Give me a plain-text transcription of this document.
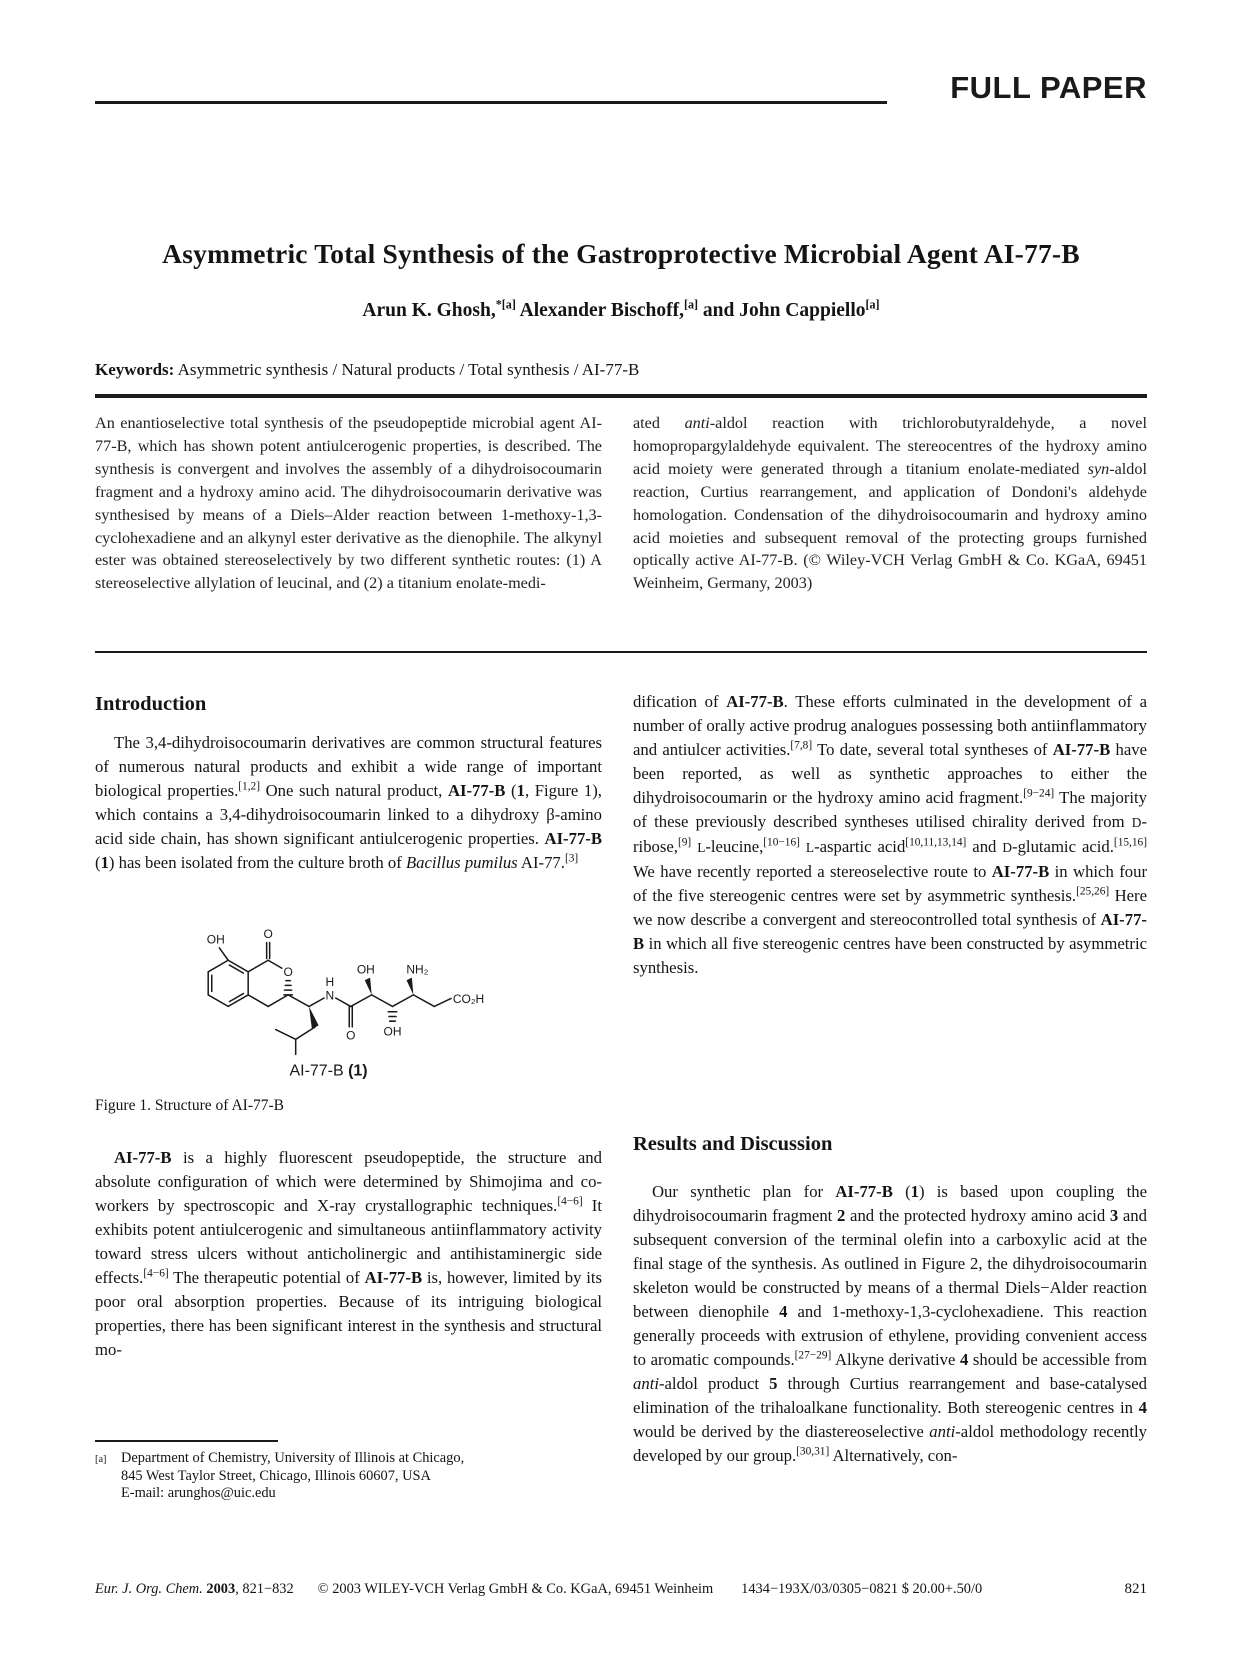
FULL PAPER
Asymmetric Total Synthesis of the Gastroprotective Microbial Agent AI-77-B
Arun K. Ghosh,$^{*[a]}$ Alexander Bischoff,[a] and John Cappiello[a]
Keywords: Asymmetric synthesis / Natural products / Total synthesis / AI-77-B
An enantioselective total synthesis of the pseudopeptide microbial agent AI-77-B, which has shown potent antiulcerogenic properties, is described. The synthesis is convergent and involves the assembly of a dihydroisocoumarin fragment and a hydroxy amino acid. The dihydroisocoumarin derivative was synthesised by means of a Diels–Alder reaction between 1-methoxy-1,3-cyclohexadiene and an alkynyl ester derivative as the dienophile. The alkynyl ester was obtained stereoselectively by two different synthetic routes: (1) A stereoselective allylation of leucinal, and (2) a titanium enolate-medi-
ated anti-aldol reaction with trichlorobutyraldehyde, a novel homopropargylaldehyde equivalent. The stereocentres of the hydroxy amino acid moiety were generated through a titanium enolate-mediated syn-aldol reaction, Curtius rearrangement, and application of Dondoni's aldehyde homologation. Condensation of the dihydroisocoumarin and hydroxy amino acid moieties and subsequent removal of the protecting groups furnished optically active AI-77-B. (© Wiley-VCH Verlag GmbH & Co. KGaA, 69451 Weinheim, Germany, 2003)
Introduction
The 3,4-dihydroisocoumarin derivatives are common structural features of numerous natural products and exhibit a wide range of important biological properties.[1,2] One such natural product, AI-77-B (1, Figure 1), which contains a 3,4-dihydroisocoumarin linked to a dihydroxy β-amino acid side chain, has shown significant antiulcerogenic properties. AI-77-B (1) has been isolated from the culture broth of Bacillus pumilus AI-77.[3]
OH	O
O
N
H
O
OH
OH
NH₂
CO₂H
AI-77-B (1)
Figure 1. Structure of AI-77-B
AI-77-B is a highly fluorescent pseudopeptide, the structure and absolute configuration of which were determined by Shimojima and co-workers by spectroscopic and X-ray crystallographic techniques.[4−6] It exhibits potent antiulcerogenic and simultaneous antiinflammatory activity toward stress ulcers without anticholinergic and antihistaminergic side effects.[4−6] The therapeutic potential of AI-77-B is, however, limited by its poor oral absorption properties. Because of its intriguing biological properties, there has been significant interest in the synthesis and structural mo-
[a]	Department of Chemistry, University of Illinois at Chicago,
845 West Taylor Street, Chicago, Illinois 60607, USA
E-mail: arunghos@uic.edu
dification of AI-77-B. These efforts culminated in the development of a number of orally active prodrug analogues possessing both antiinflammatory and antiulcer activities.[7,8] To date, several total syntheses of AI-77-B have been reported, as well as synthetic approaches to either the dihydroisocoumarin or the hydroxy amino acid fragment.[9−24] The majority of these previously described syntheses utilised chirality derived from D-ribose,[9] L-leucine,[10−16] L-aspartic acid[10,11,13,14] and D-glutamic acid.[15,16] We have recently reported a stereoselective route to AI-77-B in which four of the five stereogenic centres were set by asymmetric synthesis.[25,26] Here we now describe a convergent and stereocontrolled total synthesis of AI-77-B in which all five stereogenic centres have been constructed by asymmetric synthesis.
Results and Discussion
Our synthetic plan for AI-77-B (1) is based upon coupling the dihydroisocoumarin fragment 2 and the protected hydroxy amino acid 3 and subsequent conversion of the terminal olefin into a carboxylic acid at the final stage of the synthesis. As outlined in Figure 2, the dihydroisocoumarin skeleton would be constructed by means of a thermal Diels−Alder reaction between dienophile 4 and 1-methoxy-1,3-cyclohexadiene. This reaction generally proceeds with extrusion of ethylene, providing convenient access to aromatic compounds.[27−29] Alkyne derivative 4 should be accessible from anti-aldol product 5 through Curtius rearrangement and base-catalysed elimination of the trihaloalkane functionality. Both stereogenic centres in 4 would be derived by the diastereoselective anti-aldol methodology recently developed by our group.[30,31] Alternatively, con-
Eur. J. Org. Chem. 2003, 821−832 © 2003 WILEY-VCH Verlag GmbH & Co. KGaA, 69451 Weinheim 1434−193X/03/0305−0821 $ 20.00+.50/0	821
